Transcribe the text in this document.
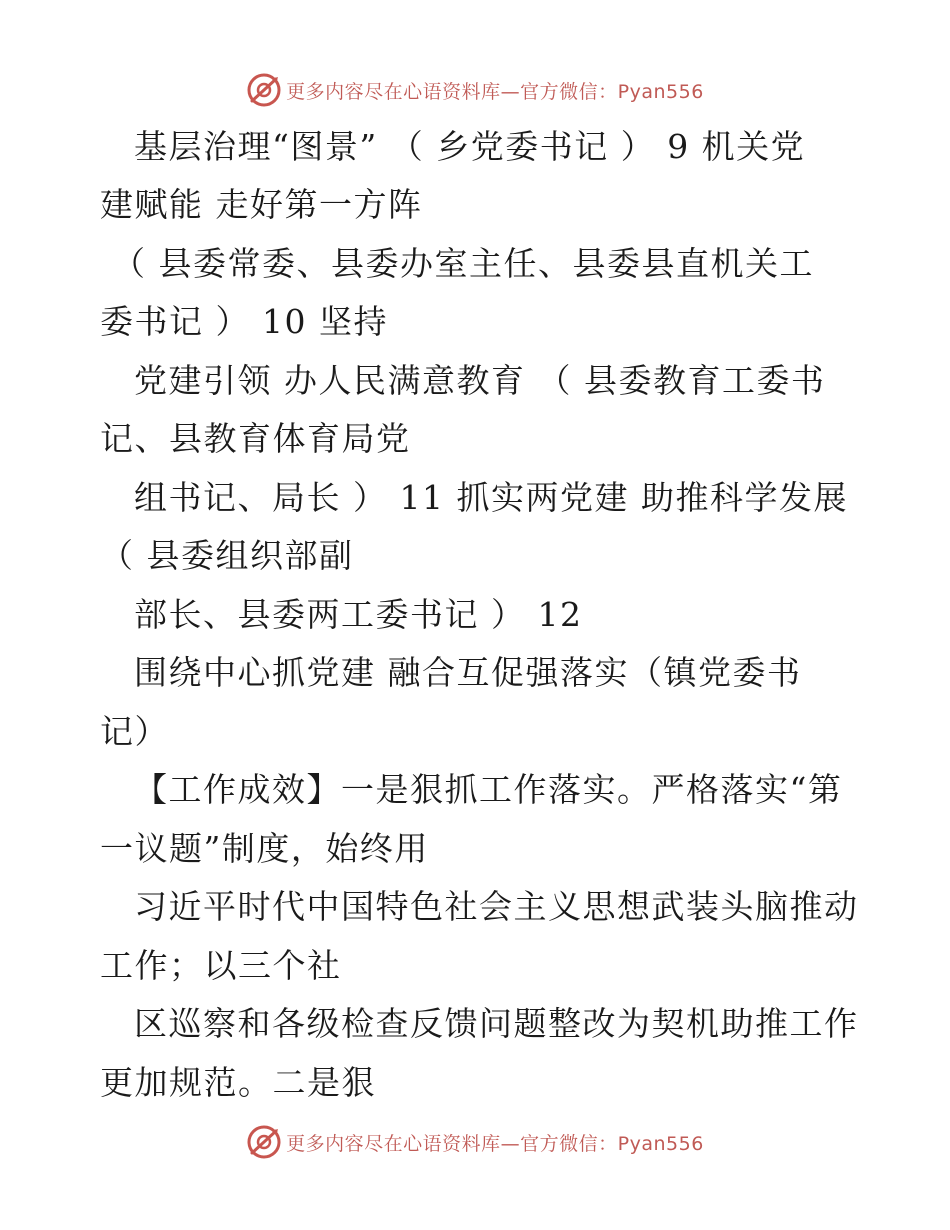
更多内容尽在心语资料库—官方微信：Pyan556
基层治理“图景” （ 乡党委书记 ） 9 机关党
建赋能 走好第一方阵
（ 县委常委、县委办室主任、县委县直机关工
委书记 ） 10 坚持
党建引领 办人民满意教育 （ 县委教育工委书
记、县教育体育局党
组书记、局长 ） 11 抓实两党建 助推科学发展
（ 县委组织部副
部长、县委两工委书记 ） 12
围绕中心抓党建 融合互促强落实（镇党委书
记）
【工作成效】一是狠抓工作落实。严格落实“第
一议题”制度，始终用
习近平时代中国特色社会主义思想武装头脑推动
工作；以三个社
区巡察和各级检查反馈问题整改为契机助推工作
更加规范。二是狠
更多内容尽在心语资料库—官方微信：Pyan556
